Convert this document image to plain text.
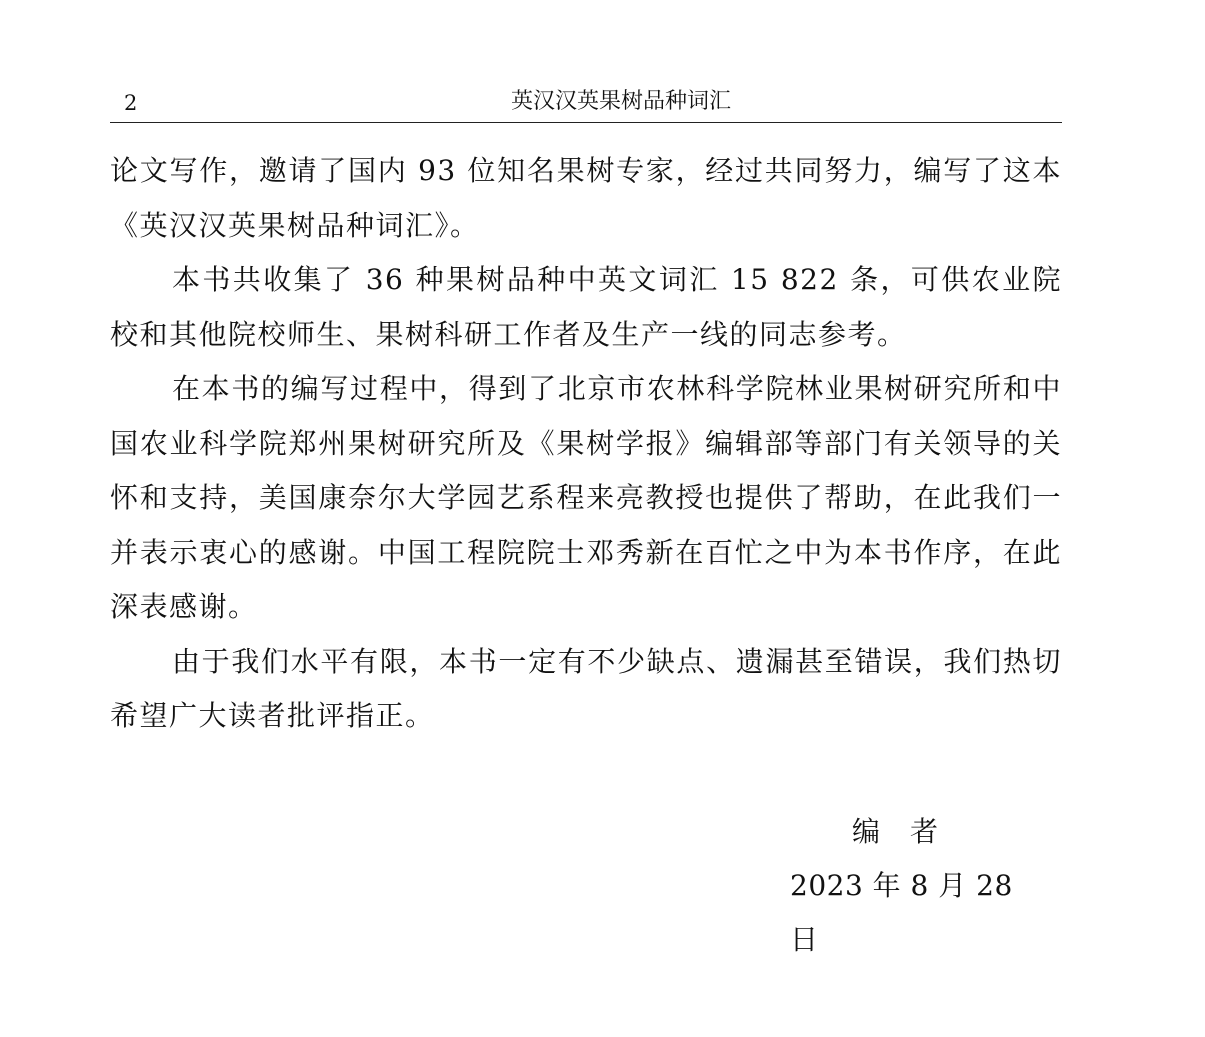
2	英汉汉英果树品种词汇

论文写作，邀请了国内 93 位知名果树专家，经过共同努力，编写了这本《英汉汉英果树品种词汇》。

本书共收集了 36 种果树品种中英文词汇 15 822 条，可供农业院校和其他院校师生、果树科研工作者及生产一线的同志参考。

在本书的编写过程中，得到了北京市农林科学院林业果树研究所和中国农业科学院郑州果树研究所及《果树学报》编辑部等部门有关领导的关怀和支持，美国康奈尔大学园艺系程来亮教授也提供了帮助，在此我们一并表示衷心的感谢。中国工程院院士邓秀新在百忙之中为本书作序，在此深表感谢。

由于我们水平有限，本书一定有不少缺点、遗漏甚至错误，我们热切希望广大读者批评指正。

编　者
2023 年 8 月 28 日
